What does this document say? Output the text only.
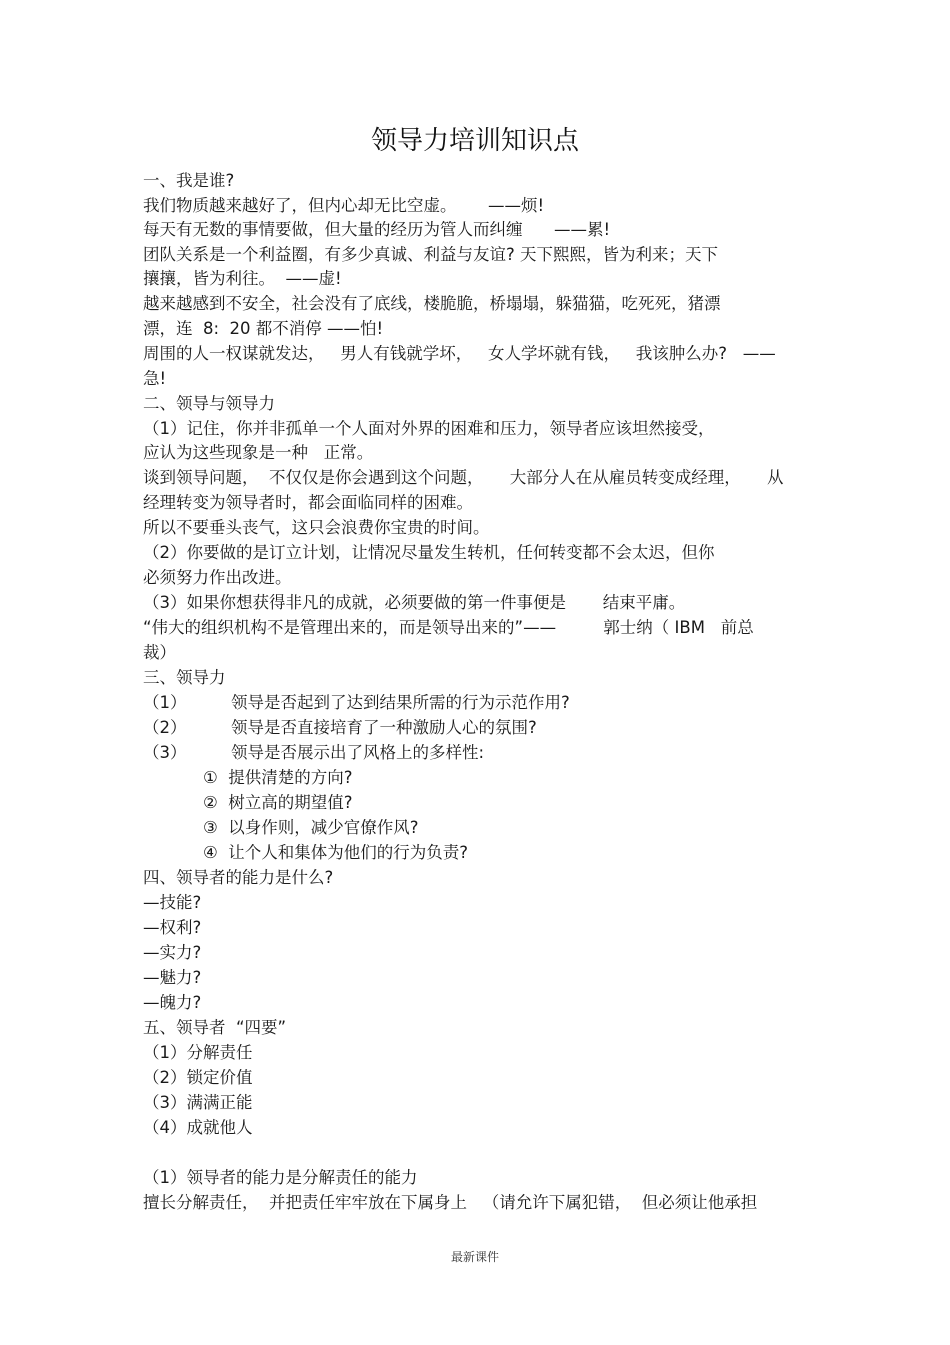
领导力培训知识点
一、我是谁?
我们物质越来越好了，但内心却无比空虚。      ——烦!
每天有无数的事情要做，但大量的经历为管人而纠缠      ——累!
团队关系是一个利益圈，有多少真诚、利益与友谊? 天下熙熙，皆为利来；天下
攘攘，皆为利往。  ——虚!
越来越感到不安全，社会没有了底线，楼脆脆，桥塌塌，躲猫猫，吃死死，猪漂
漂，连  8:  20 都不消停 ——怕!
周围的人一权谋就发达，   男人有钱就学坏，   女人学坏就有钱，   我该肿么办?   ——
急!
二、领导与领导力
（1）记住，你并非孤单一个人面对外界的困难和压力，领导者应该坦然接受，
应认为这些现象是一种   正常。
谈到领导问题，  不仅仅是你会遇到这个问题，     大部分人在从雇员转变成经理，     从
经理转变为领导者时，都会面临同样的困难。
所以不要垂头丧气，这只会浪费你宝贵的时间。
（2）你要做的是订立计划，让情况尽量发生转机，任何转变都不会太迟，但你
必须努力作出改进。
（3）如果你想获得非凡的成就，必须要做的第一件事便是       结束平庸。
“伟大的组织机构不是管理出来的，而是领导出来的”——         郭士纳（ IBM   前总
裁）
三、领导力
（1）	领导是否起到了达到结果所需的行为示范作用?
（2）	领导是否直接培育了一种激励人心的氛围?
（3）	领导是否展示出了风格上的多样性:
①  提供清楚的方向?
②  树立高的期望值?
③  以身作则，减少官僚作风?
④  让个人和集体为他们的行为负责?
四、领导者的能力是什么?
—技能?
—权利?
—实力?
—魅力?
—魄力?
五、领导者  “四要”
（1）分解责任
（2）锁定价值
（3）满满正能
（4）成就他人
（1）领导者的能力是分解责任的能力
擅长分解责任，  并把责任牢牢放在下属身上   （请允许下属犯错，  但必须让他承担
最新课件
